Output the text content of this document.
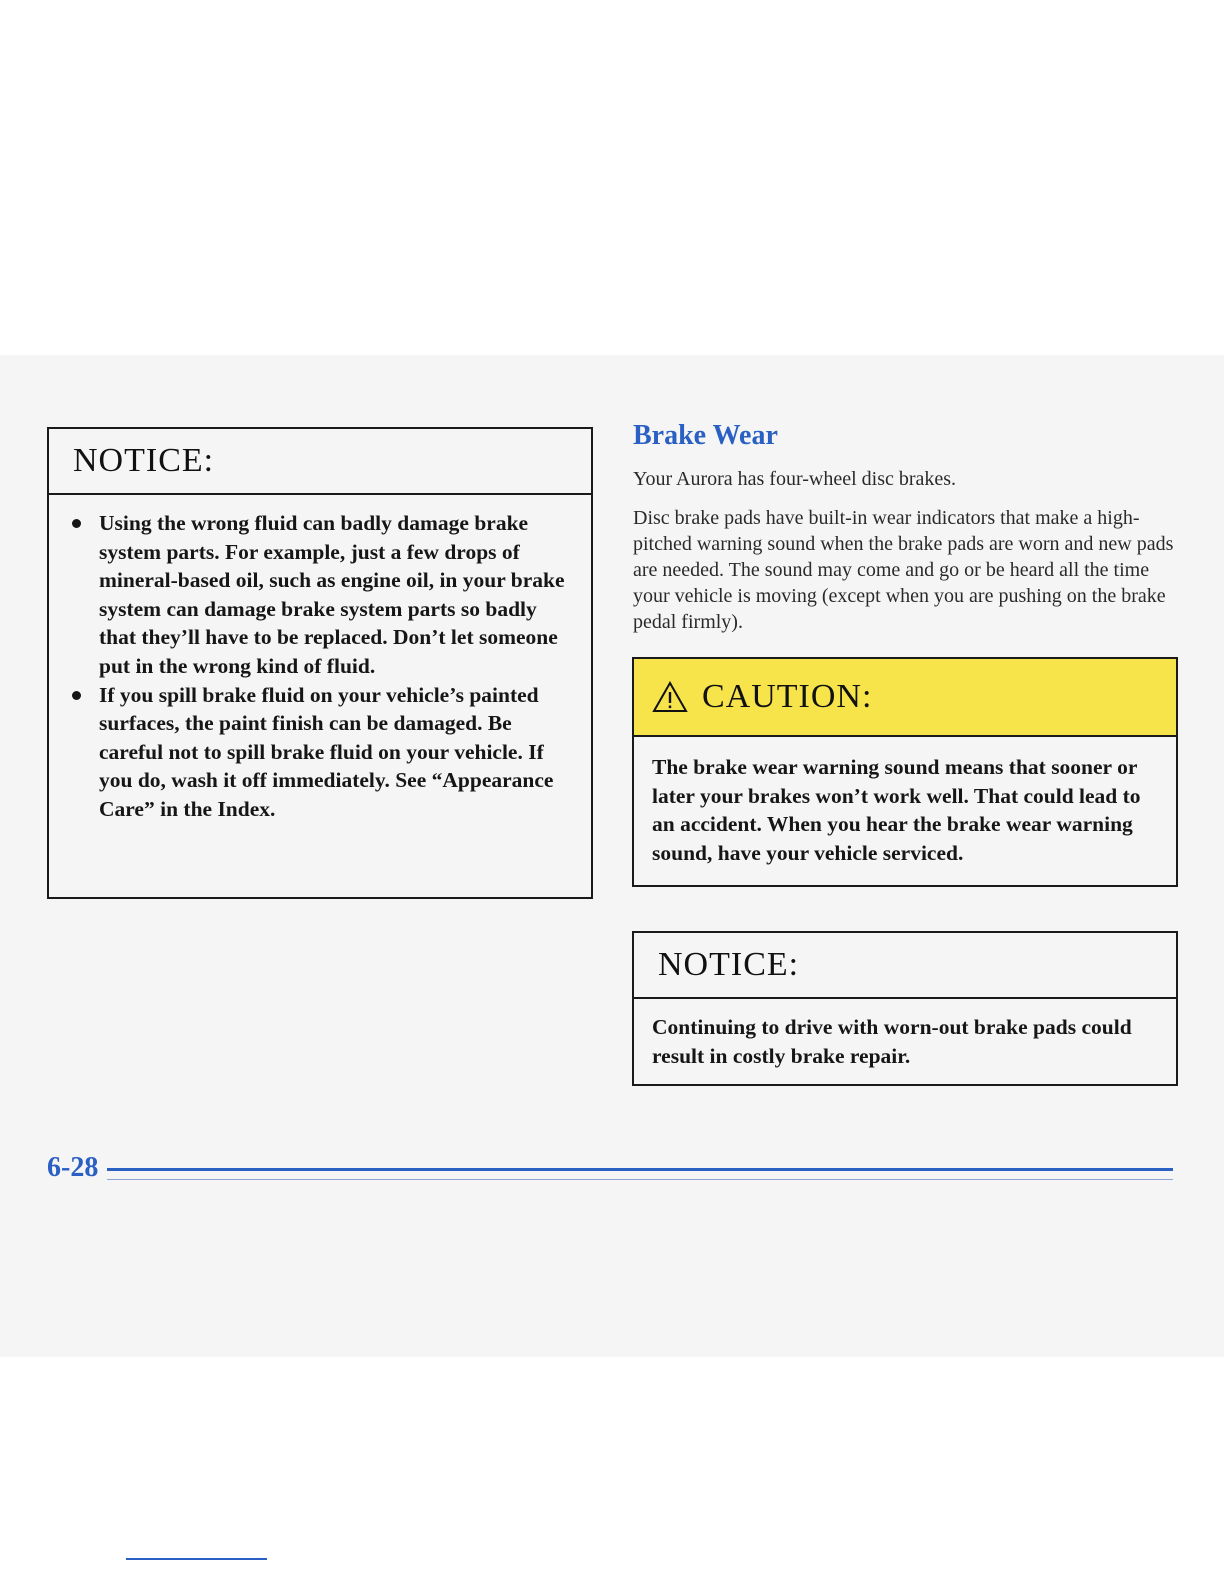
NOTICE:
Using the wrong fluid can badly damage brake system parts. For example, just a few drops of mineral-based oil, such as engine oil, in your brake system can damage brake system parts so badly that they’ll have to be replaced. Don’t let someone put in the wrong kind of fluid.
If you spill brake fluid on your vehicle’s painted surfaces, the paint finish can be damaged. Be careful not to spill brake fluid on your vehicle. If you do, wash it off immediately. See “Appearance Care” in the Index.
Brake Wear

Your Aurora has four-wheel disc brakes.

Disc brake pads have built-in wear indicators that make a high-pitched warning sound when the brake pads are worn and new pads are needed. The sound may come and go or be heard all the time your vehicle is moving (except when you are pushing on the brake pedal firmly).

CAUTION:

The brake wear warning sound means that sooner or later your brakes won’t work well. That could lead to an accident. When you hear the brake wear warning sound, have your vehicle serviced.

NOTICE:

Continuing to drive with worn-out brake pads could result in costly brake repair.

6-28
